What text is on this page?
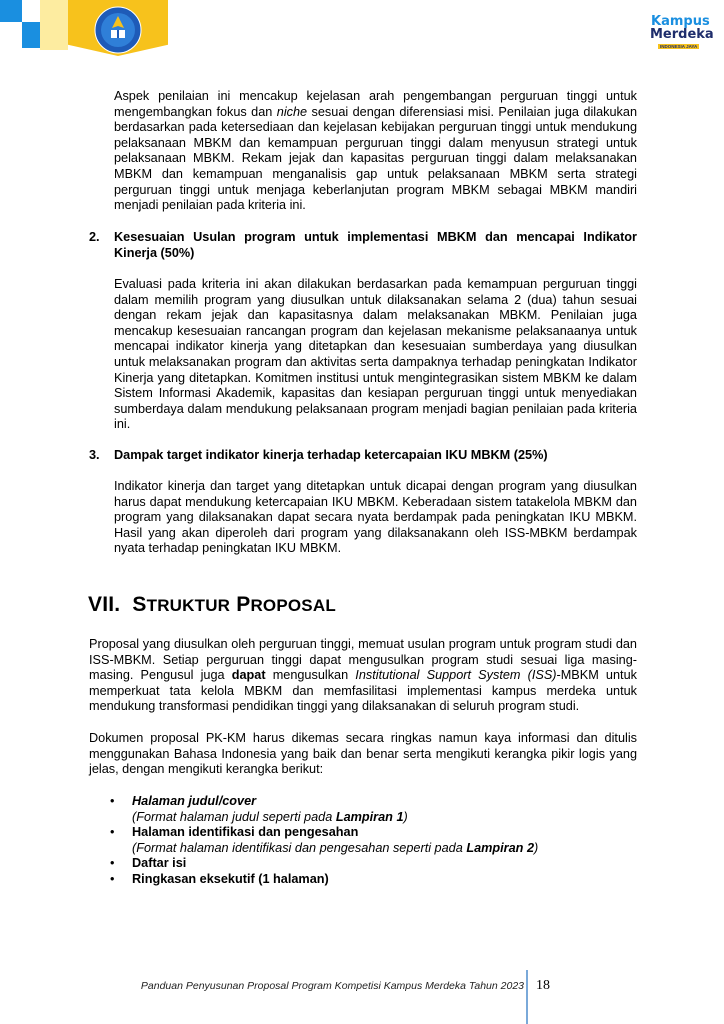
Kampus
Merdeka
INDONESIA JAYA

Aspek penilaian ini mencakup kejelasan arah pengembangan perguruan tinggi untuk mengembangkan fokus dan niche sesuai dengan diferensiasi misi. Penilaian juga dilakukan berdasarkan pada ketersediaan dan kejelasan kebijakan perguruan tinggi untuk mendukung pelaksanaan MBKM dan kemampuan perguruan tinggi dalam menyusun strategi untuk pelaksanaan MBKM. Rekam jejak dan kapasitas perguruan tinggi dalam melaksanakan MBKM dan kemampuan menganalisis gap untuk pelaksanaan MBKM serta strategi perguruan tinggi untuk menjaga keberlanjutan program MBKM sebagai MBKM mandiri menjadi penilaian pada kriteria ini.

2. Kesesuaian Usulan program untuk implementasi MBKM dan mencapai Indikator Kinerja (50%)

Evaluasi pada kriteria ini akan dilakukan berdasarkan pada kemampuan perguruan tinggi dalam memilih program yang diusulkan untuk dilaksanakan selama 2 (dua) tahun sesuai dengan rekam jejak dan kapasitasnya dalam melaksanakan MBKM. Penilaian juga mencakup kesesuaian rancangan program dan kejelasan mekanisme pelaksanaanya untuk mencapai indikator kinerja yang ditetapkan dan kesesuaian sumberdaya yang diusulkan untuk melaksanakan program dan aktivitas serta dampaknya terhadap peningkatan Indikator Kinerja yang ditetapkan. Komitmen institusi untuk mengintegrasikan sistem MBKM ke dalam Sistem Informasi Akademik, kapasitas dan kesiapan perguruan tinggi untuk menyediakan sumberdaya dalam mendukung pelaksanaan program menjadi bagian penilaian pada kriteria ini.

3. Dampak target indikator kinerja terhadap ketercapaian IKU MBKM (25%)

Indikator kinerja dan target yang ditetapkan untuk dicapai dengan program yang diusulkan harus dapat mendukung ketercapaian IKU MBKM. Keberadaan sistem tatakelola MBKM dan program yang dilaksanakan dapat secara nyata berdampak pada peningkatan IKU MBKM. Hasil yang akan diperoleh dari program yang dilaksanakann oleh ISS-MBKM berdampak nyata terhadap peningkatan IKU MBKM.

VII. STRUKTUR PROPOSAL

Proposal yang diusulkan oleh perguruan tinggi, memuat usulan program untuk program studi dan ISS-MBKM. Setiap perguruan tinggi dapat mengusulkan program studi sesuai liga masing-masing. Pengusul juga dapat mengusulkan Institutional Support System (ISS)-MBKM untuk memperkuat tata kelola MBKM dan memfasilitasi implementasi kampus merdeka untuk mendukung transformasi pendidikan tinggi yang dilaksanakan di seluruh program studi.

Dokumen proposal PK-KM harus dikemas secara ringkas namun kaya informasi dan ditulis menggunakan Bahasa Indonesia yang baik dan benar serta mengikuti kerangka pikir logis yang jelas, dengan mengikuti kerangka berikut:

• Halaman judul/cover
(Format halaman judul seperti pada Lampiran 1)
• Halaman identifikasi dan pengesahan
(Format halaman identifikasi dan pengesahan seperti pada Lampiran 2)
• Daftar isi
• Ringkasan eksekutif (1 halaman)
Panduan Penyusunan Proposal Program Kompetisi Kampus Merdeka Tahun 2023 18
